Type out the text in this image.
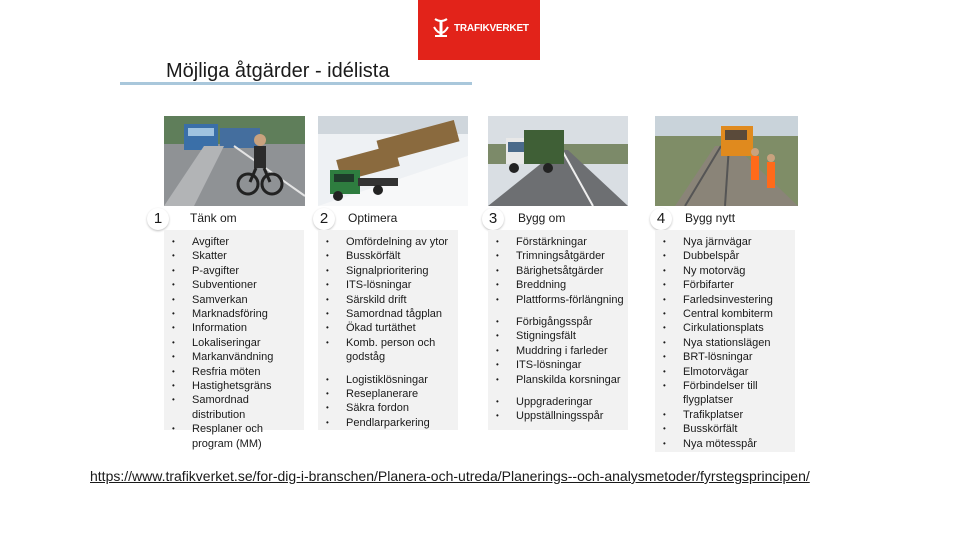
TRAFIKVERKET
Möjliga åtgärder - idélista
1	Tänk om
• Avgifter
• Skatter
• P-avgifter
• Subventioner
• Samverkan
• Marknadsföring
• Information
• Lokaliseringar
• Markanvändning
• Resfria möten
• Hastighetsgräns
• Samordnad distribution
• Resplaner och program (MM)
2	Optimera
• Omfördelning av ytor
• Busskörfält
• Signalprioritering
• ITS-lösningar
• Särskild drift
• Samordnad tågplan
• Ökad turtäthet
• Komb. person och godståg
• Logistiklösningar
• Reseplanerare
• Säkra fordon
• Pendlarparkering
3	Bygg om
• Förstärkningar
• Trimningsåtgärder
• Bärighetsåtgärder
• Breddning
• Plattforms-förlängning
• Förbigångsspår
• Stigningsfält
• Muddring i farleder
• ITS-lösningar
• Planskilda korsningar
• Uppgraderingar
• Uppställningsspår
4	Bygg nytt
• Nya järnvägar
• Dubbelspår
• Ny motorväg
• Förbifarter
• Farledsinvestering
• Central kombiterm
• Cirkulationsplats
• Nya stationslägen
• BRT-lösningar
• Elmotorvägar
• Förbindelser till flygplatser
• Trafikplatser
• Busskörfält
• Nya mötesspår
https://www.trafikverket.se/for-dig-i-branschen/Planera-och-utreda/Planerings--och-analysmetoder/fyrstegsprincipen/
